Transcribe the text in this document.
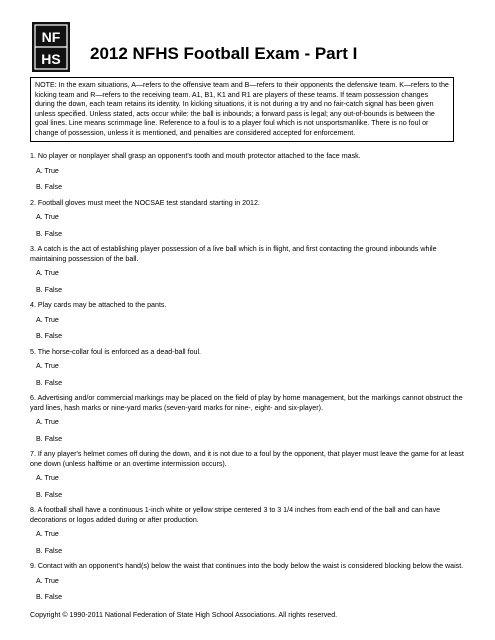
NF
HS 2012 NFHS Football Exam - Part I
NOTE: In the exam situations, A—refers to the offensive team and B—refers to their opponents the defensive team. K—refers to the kicking team and R—refers to the receiving team. A1, B1, K1 and R1 are players of these teams. If team possession changes during the down, each team retains its identity. In kicking situations, it is not during a try and no fair-catch signal has been given unless specified. Unless stated, acts occur while: the ball is inbounds; a forward pass is legal; any out-of-bounds is between the goal lines. Line means scrimmage line. Reference to a foul is to a player foul which is not unsportsmanlike. There is no foul or change of possession, unless it is mentioned, and penalties are considered accepted for enforcement.
1. No player or nonplayer shall grasp an opponent's tooth and mouth protector attached to the face mask.
A. True
B. False
2. Football gloves must meet the NOCSAE test standard starting in 2012.
A. True
B. False
3. A catch is the act of establishing player possession of a live ball which is in flight, and first contacting the ground inbounds while maintaining possession of the ball.
A. True
B. False
4. Play cards may be attached to the pants.
A. True
B. False
5. The horse-collar foul is enforced as a dead-ball foul.
A. True
B. False
6. Advertising and/or commercial markings may be placed on the field of play by home management, but the markings cannot obstruct the yard lines, hash marks or nine-yard marks (seven-yard marks for nine-, eight- and six-player).
A. True
B. False
7. If any player's helmet comes off during the down, and it is not due to a foul by the opponent, that player must leave the game for at least one down (unless halftime or an overtime intermission occurs).
A. True
B. False
8. A football shall have a continuous 1-inch white or yellow stripe centered 3 to 3 1/4 inches from each end of the ball and can have decorations or logos added during or after production.
A. True
B. False
9. Contact with an opponent's hand(s) below the waist that continues into the body below the waist is considered blocking below the waist.
A. True
B. False
Copyright © 1990-2011 National Federation of State High School Associations. All rights reserved.
